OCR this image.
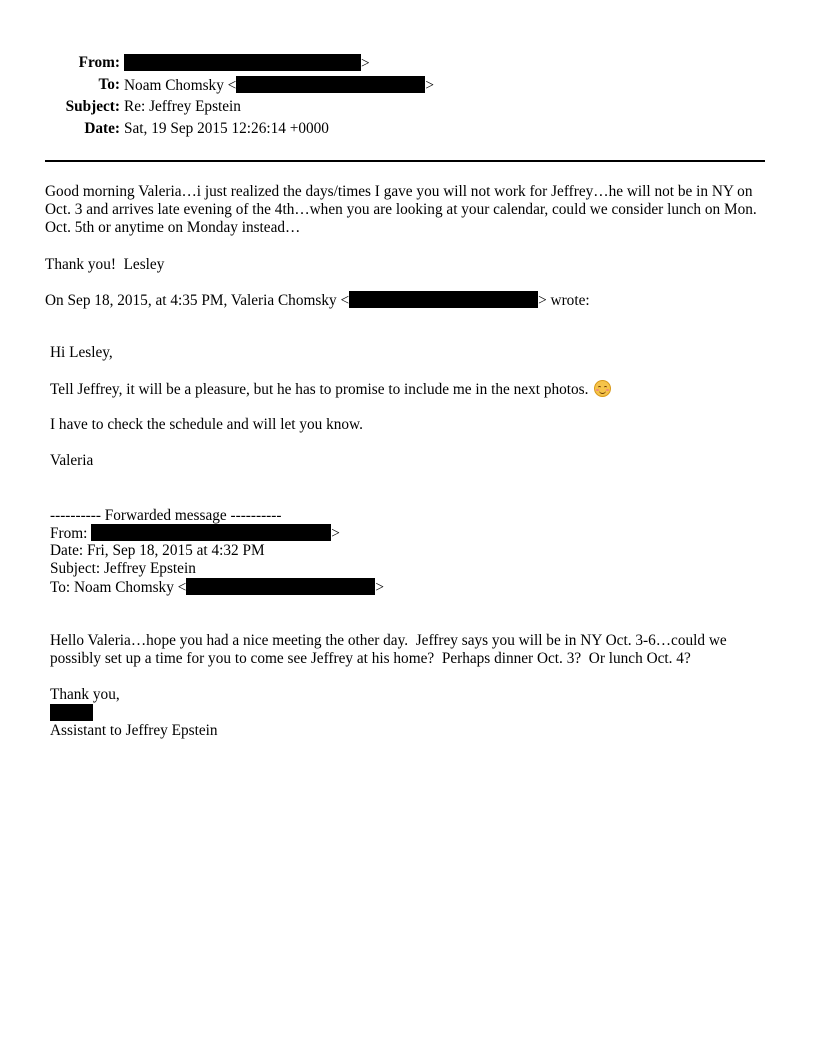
From:	>
To: Noam Chomsky <	>
Subject: Re: Jeffrey Epstein
Date: Sat, 19 Sep 2015 12:26:14 +0000

Good morning Valeria…i just realized the days/times I gave you will not work for Jeffrey…he will not be in NY on Oct. 3 and arrives late evening of the 4th…when you are looking at your calendar, could we consider lunch on Mon. Oct. 5th or anytime on Monday instead…

Thank you!  Lesley

On Sep 18, 2015, at 4:35 PM, Valeria Chomsky <	> wrote:

Hi Lesley,

Tell Jeffrey, it will be a pleasure, but he has to promise to include me in the next photos.

I have to check the schedule and will let you know.

Valeria

---------- Forwarded message ----------

From:	>

Date: Fri, Sep 18, 2015 at 4:32 PM

Subject: Jeffrey Epstein

To: Noam Chomsky <	>

Hello Valeria…hope you had a nice meeting the other day.  Jeffrey says you will be in NY Oct. 3-6…could we possibly set up a time for you to come see Jeffrey at his home?  Perhaps dinner Oct. 3?  Or lunch Oct. 4?

Thank you,

Assistant to Jeffrey Epstein
